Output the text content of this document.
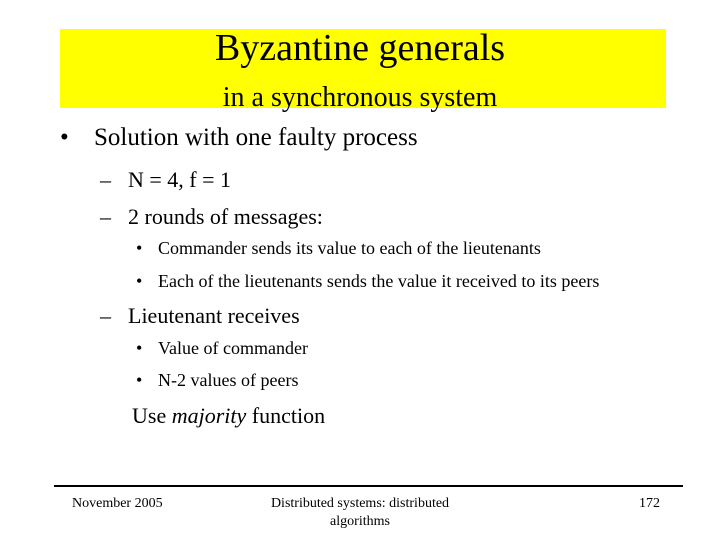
Byzantine generals
in a synchronous system
• Solution with one faulty process
– N = 4, f = 1
– 2 rounds of messages:
• Commander sends its value to each of the lieutenants
• Each of the lieutenants sends the value it received to its peers
– Lieutenant receives
• Value of commander
• N-2 values of peers
Use majority function
November 2005	Distributed systems: distributed
algorithms
172
